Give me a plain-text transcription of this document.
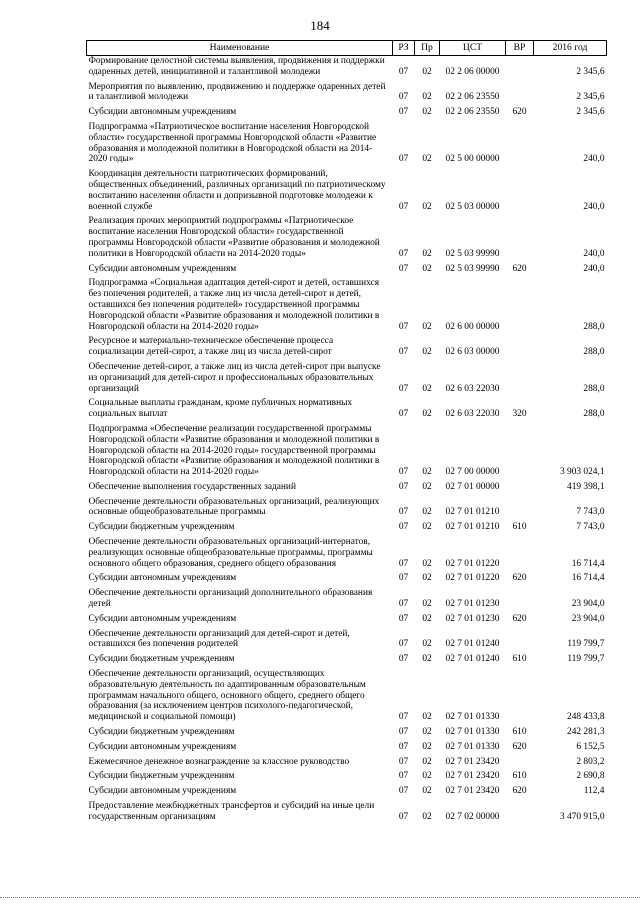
184
Наименование	РЗ	Пр	ЦСТ	ВР	2016 год
Формирование целостной системы выявления, продвижения и поддержки одаренных детей, инициативной и талантливой молодежи	07	02	02 2 06 00000		2 345,6
Мероприятия по выявлению, продвижению и поддержке одаренных детей и талантливой молодежи	07	02	02 2 06 23550		2 345,6
Субсидии автономным учреждениям	07	02	02 2 06 23550	620	2 345,6
Подпрограмма «Патриотическое воспитание населения Новгородской области» государственной программы Новгородской области «Развитие образования и молодежной политики в Новгородской области на 2014-2020 годы»	07	02	02 5 00 00000		240,0
Координация деятельности патриотических формирований, общественных объединений, различных организаций по патриотическому воспитанию населения области и допризывной подготовке молодежи к военной службе	07	02	02 5 03 00000		240,0
Реализация прочих мероприятий подпрограммы «Патриотическое воспитание населения Новгородской области» государственной программы Новгородской области «Развитие образования и молодежной политики в Новгородской области на 2014-2020 годы»	07	02	02 5 03 99990		240,0
Субсидии автономным учреждениям	07	02	02 5 03 99990	620	240,0
Подпрограмма «Социальная адаптация детей-сирот и детей, оставшихся без попечения родителей, а также лиц из числа детей-сирот и детей, оставшихся без попечения родителей» государственной программы Новгородской области «Развитие образования и молодежной политики в Новгородской области на 2014-2020 годы»	07	02	02 6 00 00000		288,0
Ресурсное и материально-техническое обеспечение процесса социализации детей-сирот, а также лиц из числа детей-сирот	07	02	02 6 03 00000		288,0
Обеспечение детей-сирот, а также лиц из числа детей-сирот при выпуске из организаций для детей-сирот и профессиональных образовательных организаций	07	02	02 6 03 22030		288,0
Социальные выплаты гражданам, кроме публичных нормативных социальных выплат	07	02	02 6 03 22030	320	288,0
Подпрограмма «Обеспечение реализации государственной программы Новгородской области «Развитие образования и молодежной политики в Новгородской области на 2014-2020 годы» государственной программы Новгородской области «Развитие образования и молодежной политики в Новгородской области на 2014-2020 годы»	07	02	02 7 00 00000		3 903 024,1
Обеспечение выполнения государственных заданий	07	02	02 7 01 00000		419 398,1
Обеспечение деятельности образовательных организаций, реализующих основные общеобразовательные программы	07	02	02 7 01 01210		7 743,0
Субсидии бюджетным учреждениям	07	02	02 7 01 01210	610	7 743,0
Обеспечение деятельности образовательных организаций-интернатов, реализующих основные общеобразовательные программы, программы основного общего образования, среднего общего образования	07	02	02 7 01 01220		16 714,4
Субсидии автономным учреждениям	07	02	02 7 01 01220	620	16 714,4
Обеспечение деятельности организаций дополнительного образования детей	07	02	02 7 01 01230		23 904,0
Субсидии автономным учреждениям	07	02	02 7 01 01230	620	23 904,0
Обеспечение деятельности организаций для детей-сирот и детей, оставшихся без попечения родителей	07	02	02 7 01 01240		119 799,7
Субсидии бюджетным учреждениям	07	02	02 7 01 01240	610	119 799,7
Обеспечение деятельности организаций, осуществляющих образовательную деятельность по адаптированным образовательным программам начального общего, основного общего, среднего общего образования (за исключением центров психолого-педагогической, медицинской и социальной помощи)	07	02	02 7 01 01330		248 433,8
Субсидии бюджетным учреждениям	07	02	02 7 01 01330	610	242 281,3
Субсидии автономным учреждениям	07	02	02 7 01 01330	620	6 152,5
Ежемесячное денежное вознаграждение за классное руководство	07	02	02 7 01 23420		2 803,2
Субсидии бюджетным учреждениям	07	02	02 7 01 23420	610	2 690,8
Субсидии автономным учреждениям	07	02	02 7 01 23420	620	112,4
Предоставление межбюджетных трансфертов и субсидий на иные цели государственным организациям	07	02	02 7 02 00000		3 470 915,0
